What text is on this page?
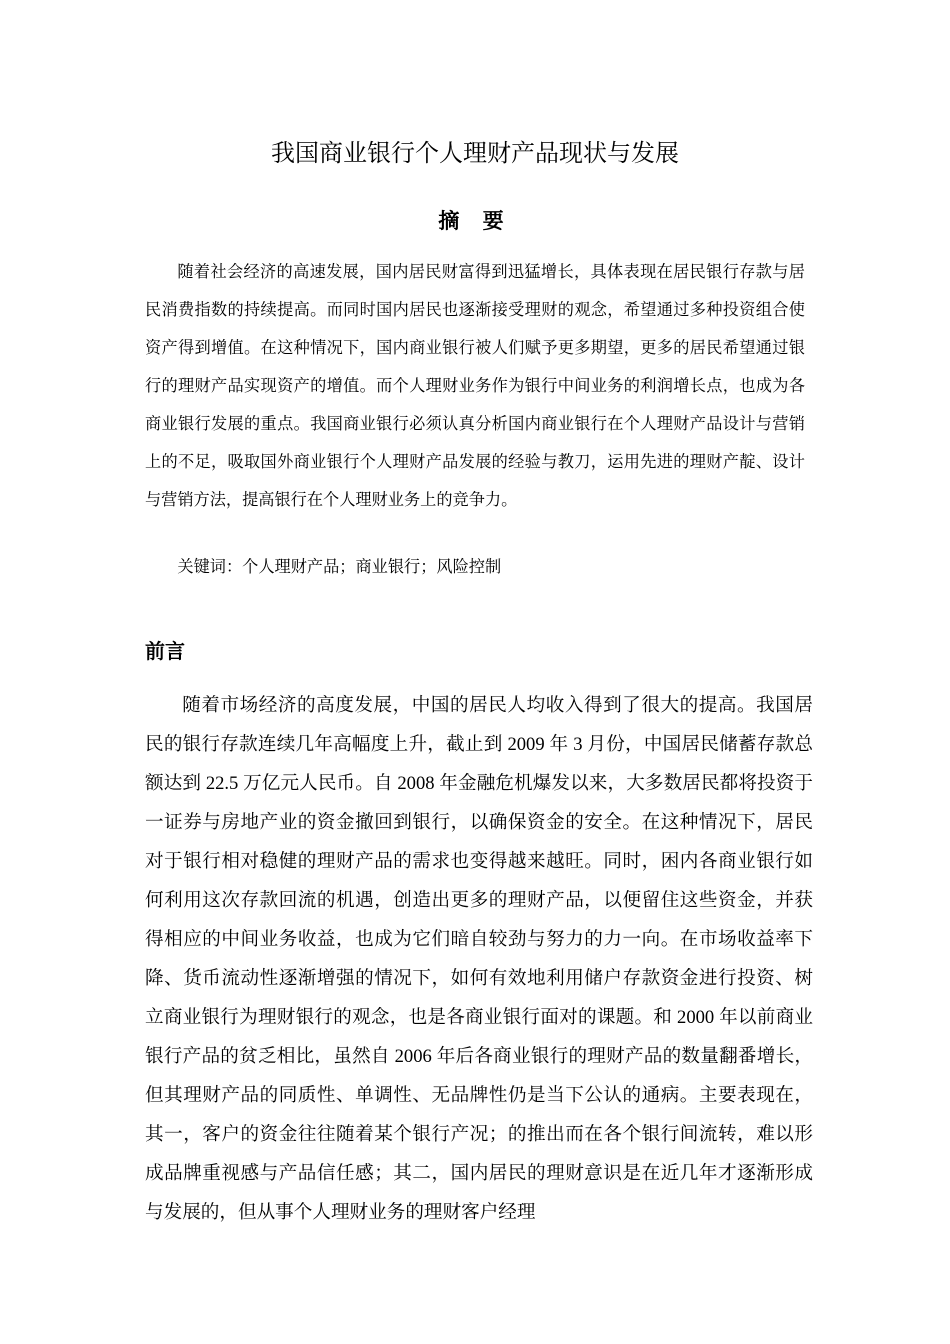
我国商业银行个人理财产品现状与发展
摘 要

随着社会经济的高速发展，国内居民财富得到迅猛增长，具体表现在居民银行存款与居民消费指数的持续提高。而同时国内居民也逐渐接受理财的观念，希望通过多种投资组合使资产得到增值。在这种情况下，国内商业银行被人们赋予更多期望，更多的居民希望通过银行的理财产品实现资产的增值。而个人理财业务作为银行中间业务的利润增长点，也成为各商业银行发展的重点。我国商业银行必须认真分析国内商业银行在个人理财产品设计与营销上的不足，吸取国外商业银行个人理财产品发展的经验与教刀，运用先进的理财产靛、设计与营销方法，提高银行在个人理财业务上的竞争力。

关键词：个人理财产品；商业银行；风险控制

前言

随着市场经济的高度发展，中国的居民人均收入得到了很大的提高。我国居民的银行存款连续几年高幅度上升，截止到 2009 年 3 月份，中国居民储蓄存款总额达到 22.5 万亿元人民币。自 2008 年金融危机爆发以来，大多数居民都将投资于一证券与房地产业的资金撤回到银行，以确保资金的安全。在这种情况下，居民对于银行相对稳健的理财产品的需求也变得越来越旺。同时，困内各商业银行如何利用这次存款回流的机遇，创造出更多的理财产品，以便留住这些资金，并获得相应的中间业务收益，也成为它们暗自较劲与努力的力一向。在市场收益率下降、货币流动性逐渐增强的情况下，如何有效地利用储户存款资金进行投资、树立商业银行为理财银行的观念，也是各商业银行面对的课题。和 2000 年以前商业银行产品的贫乏相比，虽然自 2006 年后各商业银行的理财产品的数量翻番增长，但其理财产品的同质性、单调性、无品牌性仍是当下公认的通病。主要表现在，其一，客户的资金往往随着某个银行产况；的推出而在各个银行间流转，难以形成品牌重视感与产品信任感；其二，国内居民的理财意识是在近几年才逐渐形成与发展的，但从事个人理财业务的理财客户经理
